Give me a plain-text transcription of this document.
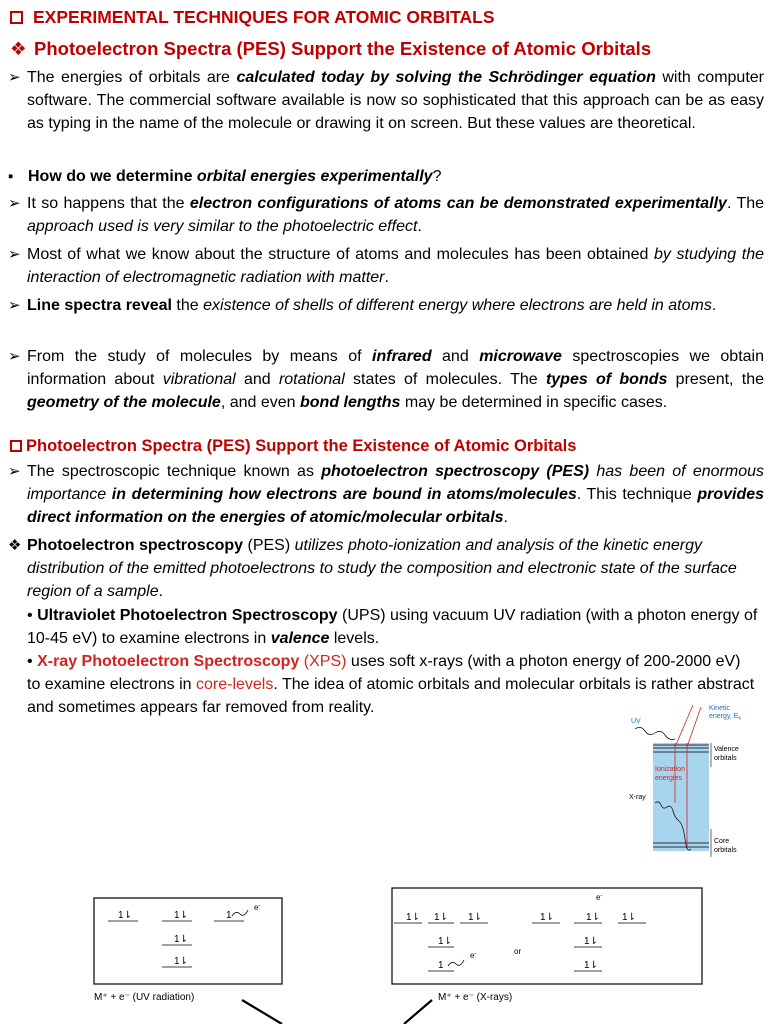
EXPERIMENTAL TECHNIQUES FOR ATOMIC ORBITALS
❖ Photoelectron Spectra (PES) Support the Existence of Atomic Orbitals
➢ The energies of orbitals are calculated today by solving the Schrödinger equation with computer software. The commercial software available is now so sophisticated that this approach can be as easy as typing in the name of the molecule or drawing it on screen. But these values are theoretical.
▪ How do we determine orbital energies experimentally?
➢ It so happens that the electron configurations of atoms can be demonstrated experimentally. The approach used is very similar to the photoelectric effect.
➢ Most of what we know about the structure of atoms and molecules has been obtained by studying the interaction of electromagnetic radiation with matter.
➢ Line spectra reveal the existence of shells of different energy where electrons are held in atoms.
➢ From the study of molecules by means of infrared and microwave spectroscopies we obtain information about vibrational and rotational states of molecules. The types of bonds present, the geometry of the molecule, and even bond lengths may be determined in specific cases.
Photoelectron Spectra (PES) Support the Existence of Atomic Orbitals
➢ The spectroscopic technique known as photoelectron spectroscopy (PES) has been of enormous importance in determining how electrons are bound in atoms/molecules. This technique provides direct information on the energies of atomic/molecular orbitals.
❖ Photoelectron spectroscopy (PES) utilizes photo-ionization and analysis of the kinetic energy distribution of the emitted photoelectrons to study the composition and electronic state of the surface region of a sample.
• Ultraviolet Photoelectron Spectroscopy (UPS) using vacuum UV radiation (with a photon energy of 10-45 eV) to examine electrons in valence levels.
• X-ray Photoelectron Spectroscopy (XPS) uses soft x-rays (with a photon energy of 200-2000 eV) to examine electrons in core-levels. The idea of atomic orbitals and molecular orbitals is rather abstract and sometimes appears far removed from reality.
UV
Kinetic
energy, $E_k$
Valence
orbitals
Ionization
energies
X-ray
Core
orbitals
1⇂	1⇂	1
e-
1⇂
1⇂
M⁺ + e⁻ (UV radiation)
1⇂ 1⇂ 1⇂
1⇂
1
e-	or
1⇂	1⇂
e-
1⇂
1⇂
1⇂
M⁺ + e⁻ (X-rays)
